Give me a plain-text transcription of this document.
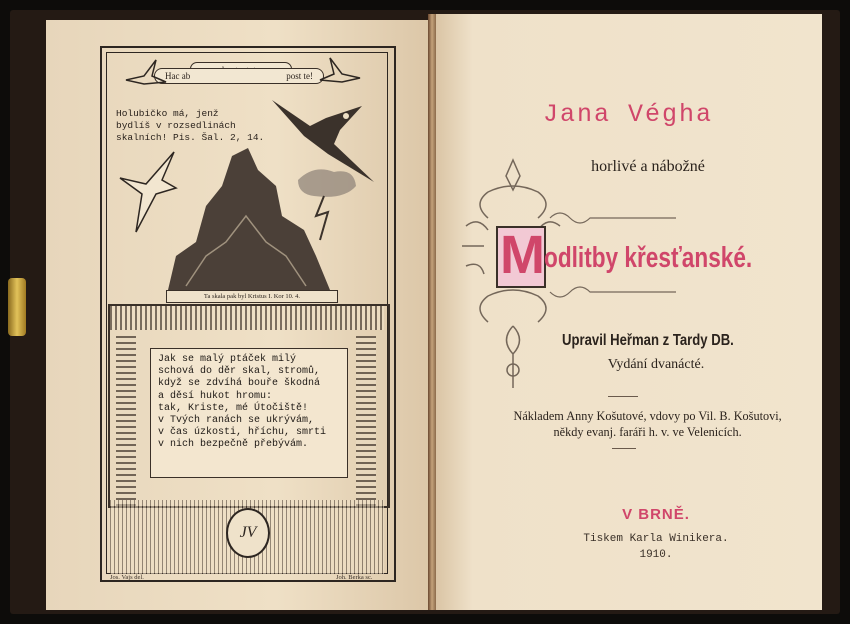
Hac ab	post te!
Holubičko má, jenž
bydlíš v rozsedlinách
skalních! Pis. Šal. 2, 14.
Ta skala pak byl Kristus I. Kor 10. 4.
Jak se malý ptáček milý
schová do děr skal, stromů,
když se zdvíhá bouře škodná
a děsí hukot hromu:
tak, Kriste, mé Útočiště!
v Tvých ranách se ukrývám,
v čas úzkosti, hříchu, smrti
v nich bezpečně přebývám.
JV
Jos. Vajs del.	Joh. Berka sc.
Jana Végha
horlivé a nábožné
M odlitby křesťanské.
Upravil Heřman z Tardy DB.
Vydání dvanácté.
Nákladem Anny Košutové, vdovy po Vil. B. Košutovi,
někdy evanj. faráři h. v. ve Velenicích.
V BRNĚ.
Tiskem Karla Winikera.
1910.
